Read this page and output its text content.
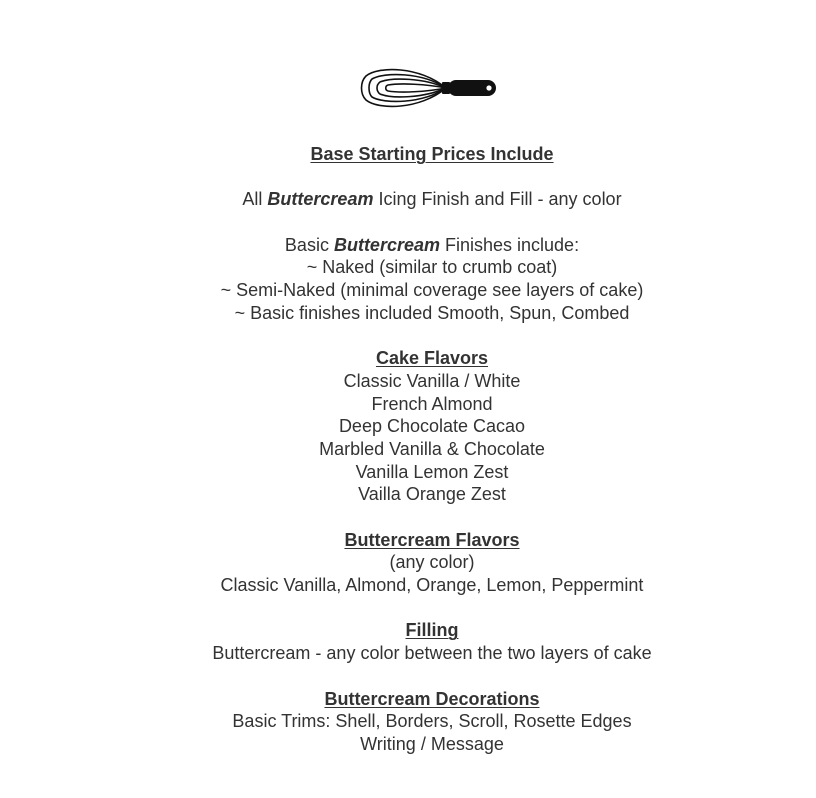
Base Starting Prices Include
All Buttercream Icing Finish and Fill - any color
Basic Buttercream Finishes include:
~ Naked (similar to crumb coat)
~ Semi-Naked (minimal coverage see layers of cake)
~ Basic finishes included Smooth, Spun, Combed
Cake Flavors
Classic Vanilla / White
French Almond
Deep Chocolate Cacao
Marbled Vanilla & Chocolate
Vanilla Lemon Zest
Vailla Orange Zest
Buttercream Flavors
(any color)
Classic Vanilla, Almond, Orange, Lemon, Peppermint
Filling
Buttercream - any color between the two layers of cake
Buttercream Decorations
Basic Trims: Shell, Borders, Scroll, Rosette Edges
Writing / Message
